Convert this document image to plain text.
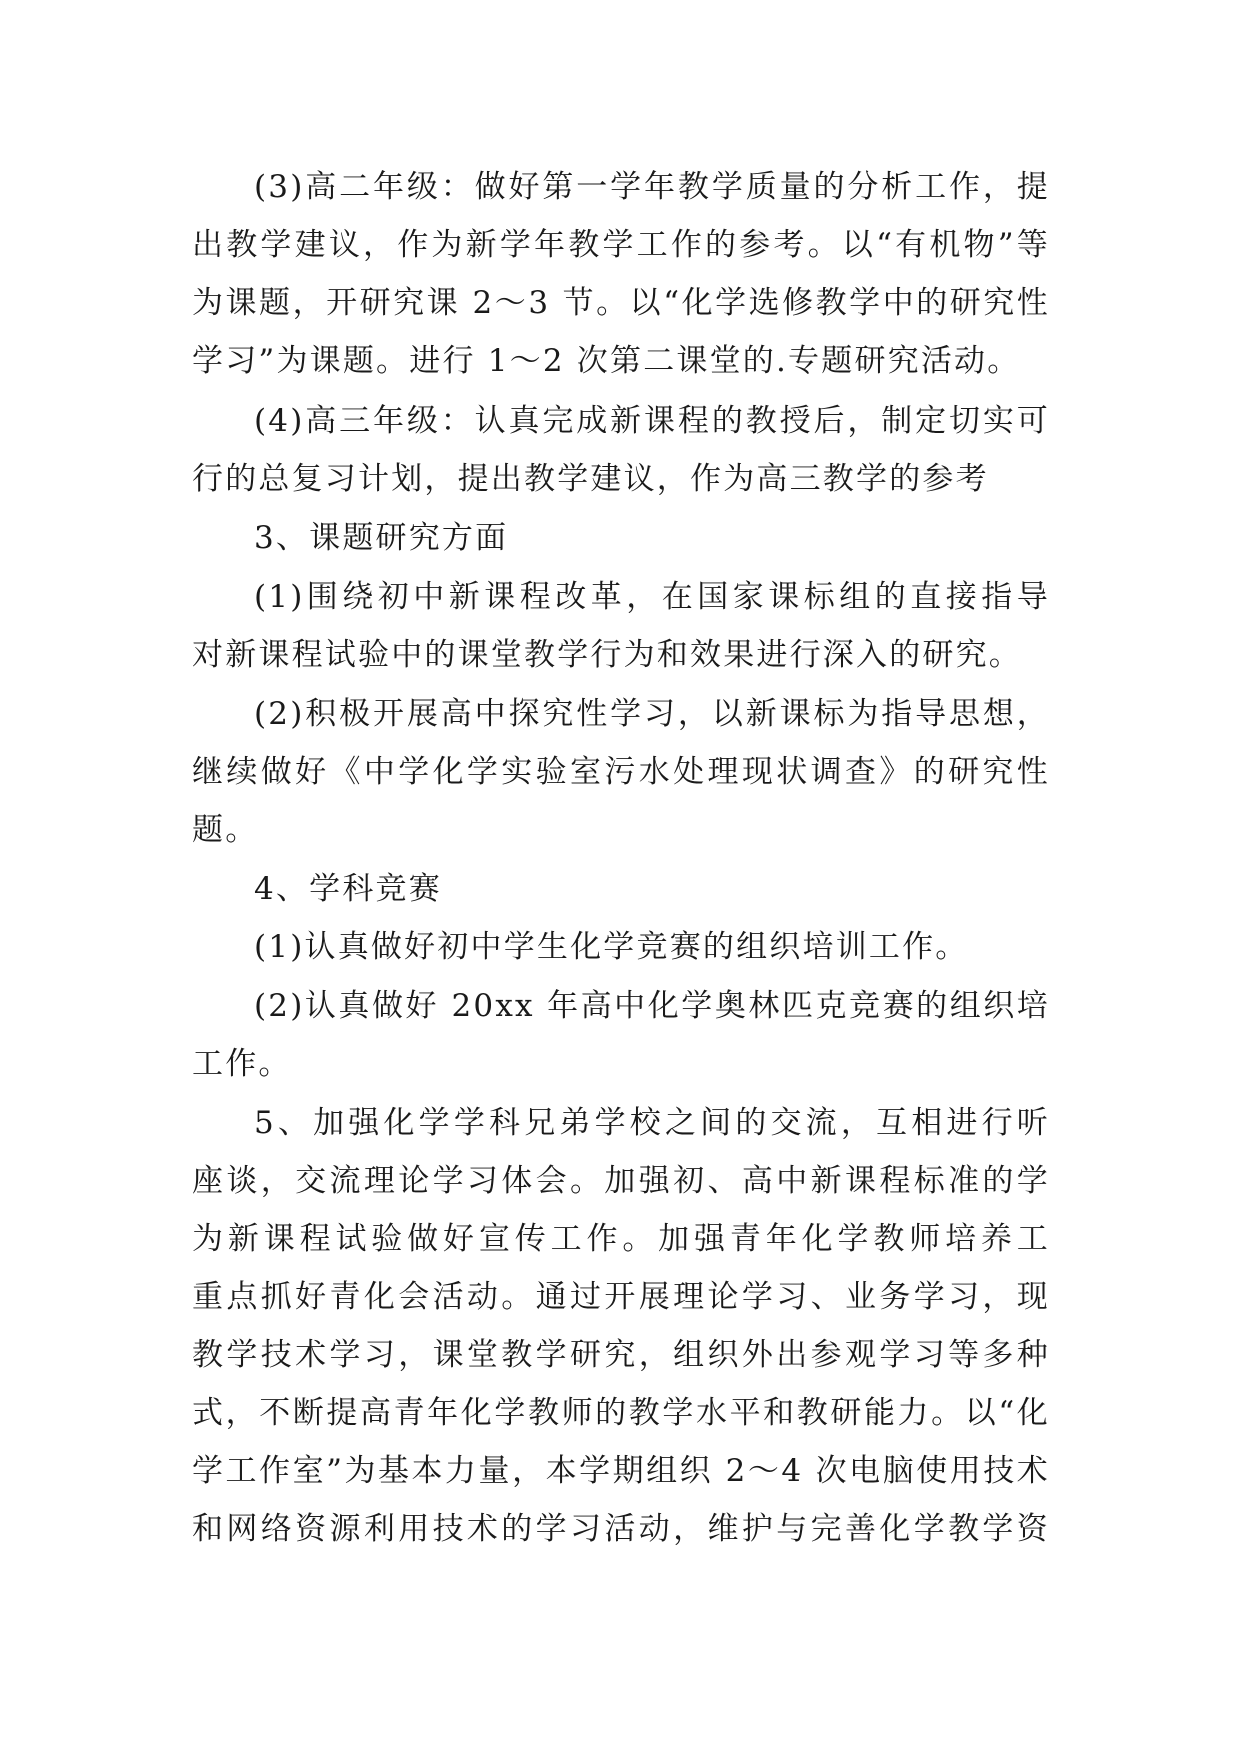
(3)高二年级：做好第一学年教学质量的分析工作，提
出教学建议，作为新学年教学工作的参考。以“有机物”等
为课题，开研究课 2～3 节。以“化学选修教学中的研究性
学习”为课题。进行 1～2 次第二课堂的.专题研究活动。
(4)高三年级：认真完成新课程的教授后，制定切实可
行的总复习计划，提出教学建议，作为高三教学的参考
3、课题研究方面
(1)围绕初中新课程改革，在国家课标组的直接指导
对新课程试验中的课堂教学行为和效果进行深入的研究。
(2)积极开展高中探究性学习，以新课标为指导思想，
继续做好《中学化学实验室污水处理现状调查》的研究性
题。
4、学科竞赛
(1)认真做好初中学生化学竞赛的组织培训工作。
(2)认真做好 20xx 年高中化学奥林匹克竞赛的组织培
工作。
5、加强化学学科兄弟学校之间的交流，互相进行听
座谈，交流理论学习体会。加强初、高中新课程标准的学
为新课程试验做好宣传工作。加强青年化学教师培养工
重点抓好青化会活动。通过开展理论学习、业务学习，现
教学技术学习，课堂教学研究，组织外出参观学习等多种
式，不断提高青年化学教师的教学水平和教研能力。以“化
学工作室”为基本力量，本学期组织 2～4 次电脑使用技术
和网络资源利用技术的学习活动，维护与完善化学教学资
